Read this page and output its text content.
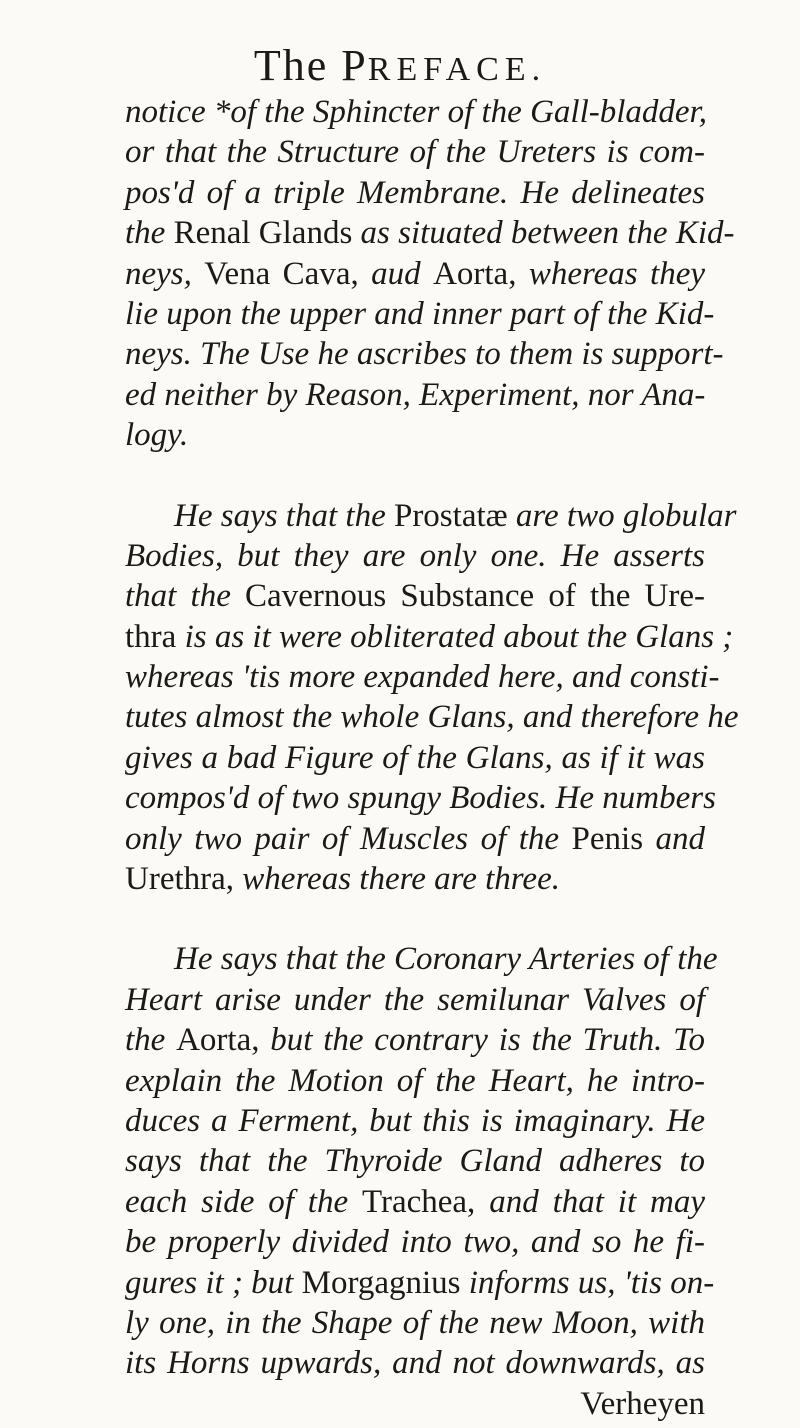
The PREFACE.
notice *of the Sphincter of the Gall-bladder,
or that the Structure of the Ureters is com-
pos'd of a triple Membrane. He delineates
the Renal Glands as situated between the Kid-
neys, Vena Cava, aud Aorta, whereas they
lie upon the upper and inner part of the Kid-
neys. The Use he ascribes to them is support-
ed neither by Reason, Experiment, nor Ana-
logy.
He says that the Prostatæ are two globular
Bodies, but they are only one. He asserts
that the Cavernous Substance of the Ure-
thra is as it were obliterated about the Glans ;
whereas 'tis more expanded here, and consti-
tutes almost the whole Glans, and therefore he
gives a bad Figure of the Glans, as if it was
compos'd of two spungy Bodies. He numbers
only two pair of Muscles of the Penis and
Urethra, whereas there are three.
He says that the Coronary Arteries of the
Heart arise under the semilunar Valves of
the Aorta, but the contrary is the Truth. To
explain the Motion of the Heart, he intro-
duces a Ferment, but this is imaginary. He
says that the Thyroide Gland adheres to
each side of the Trachea, and that it may
be properly divided into two, and so he fi-
gures it ; but Morgagnius informs us, 'tis on-
ly one, in the Shape of the new Moon, with
its Horns upwards, and not downwards, as
Verheyen
